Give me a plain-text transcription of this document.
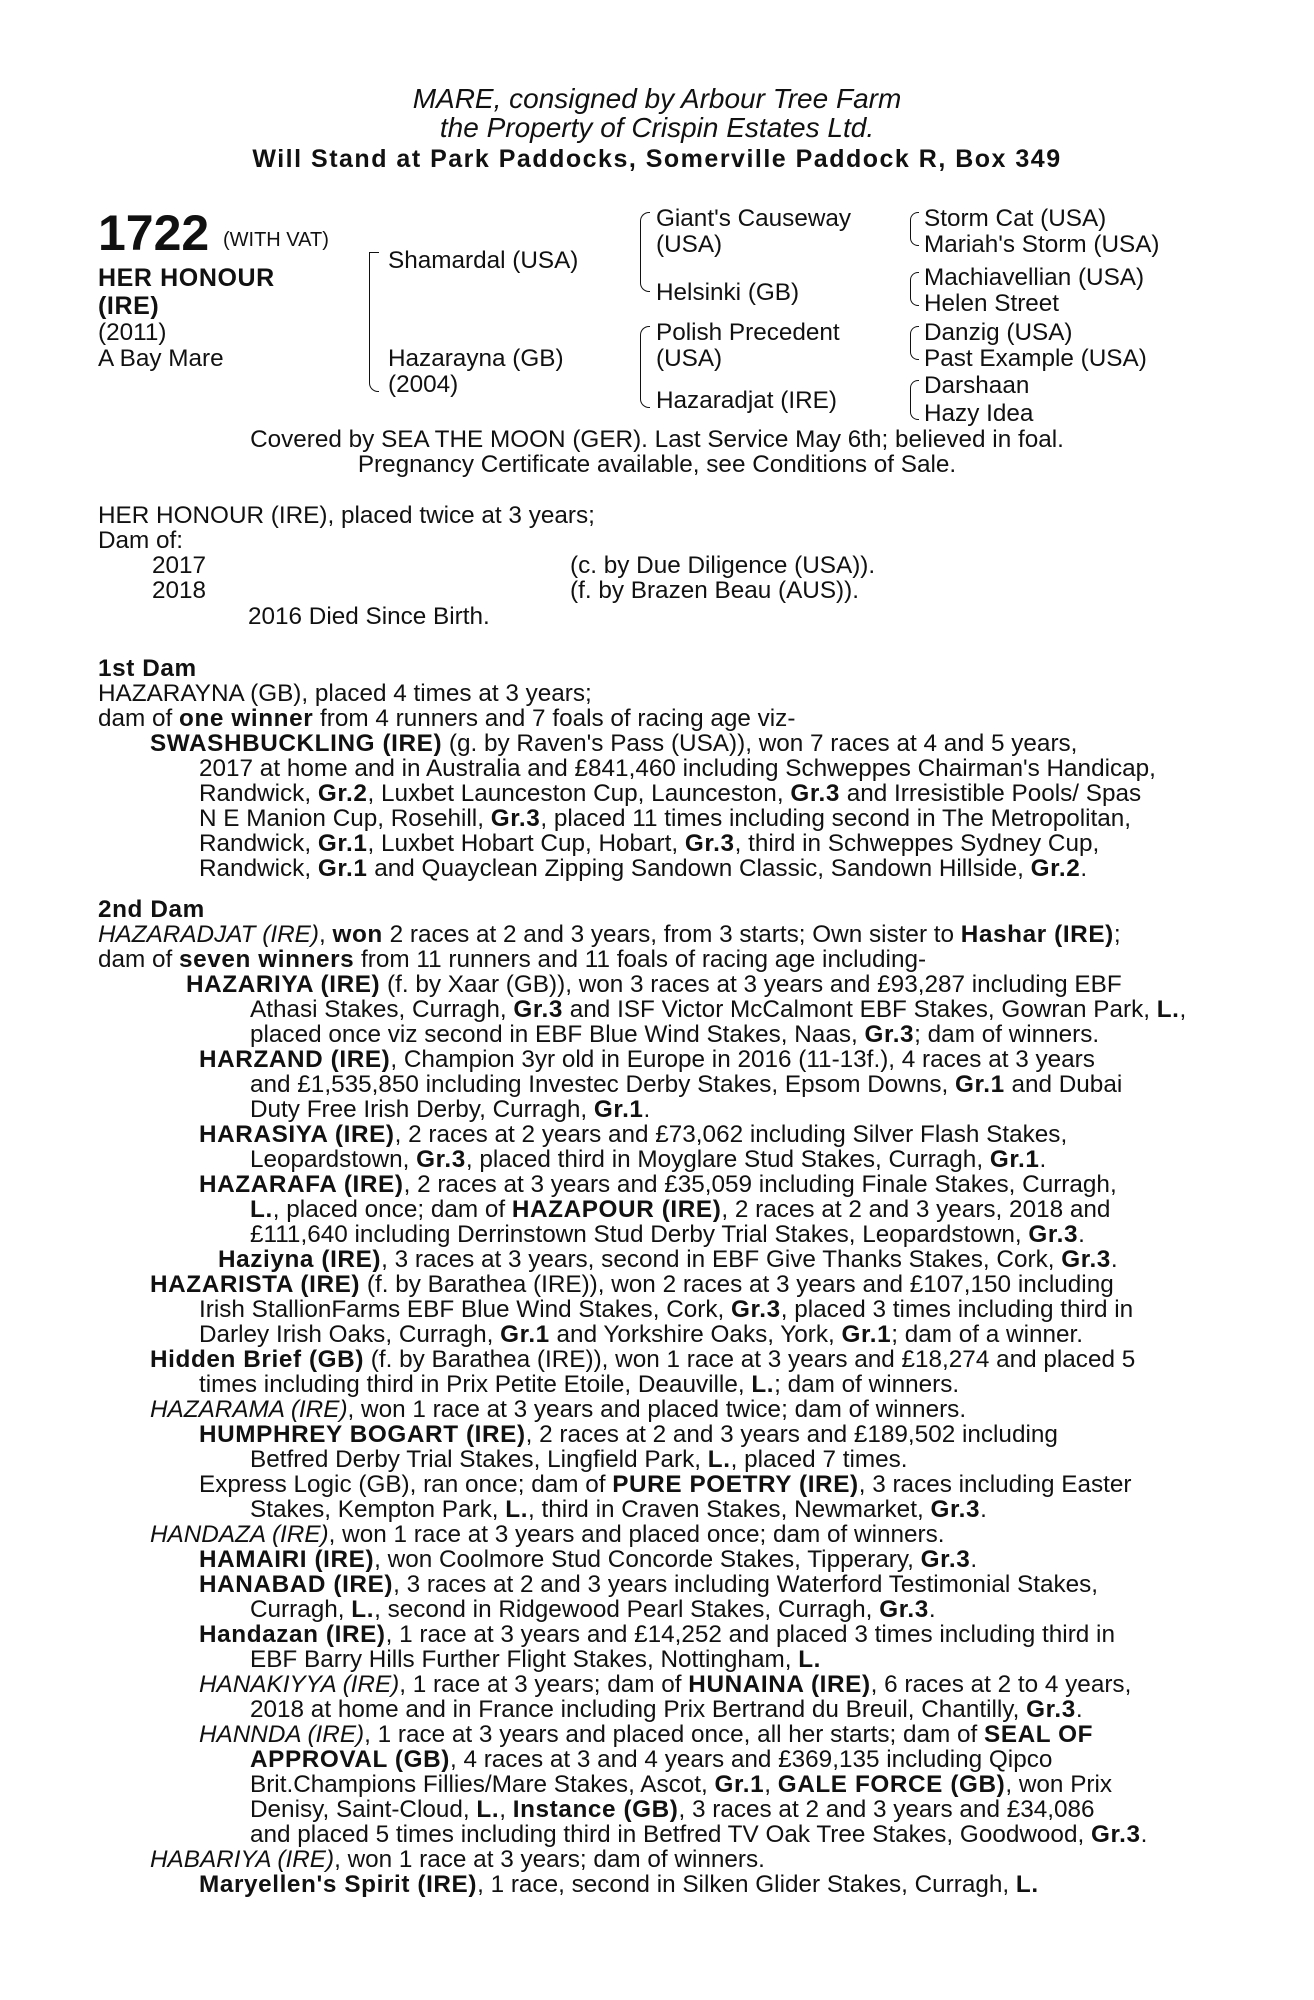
MARE, consigned by Arbour Tree Farm
the Property of Crispin Estates Ltd.
Will Stand at Park Paddocks, Somerville Paddock R, Box 349
1722 (WITH VAT)
HER HONOUR
(IRE)
(2011)
A Bay Mare
Shamardal (USA)
Hazarayna (GB)
(2004)
Giant's Causeway
(USA)
Helsinki (GB)
Polish Precedent
(USA)
Hazaradjat (IRE)
Storm Cat (USA)
Mariah's Storm (USA)
Machiavellian (USA)
Helen Street
Danzig (USA)
Past Example (USA)
Darshaan
Hazy Idea
Covered by SEA THE MOON (GER). Last Service May 6th; believed in foal.
Pregnancy Certificate available, see Conditions of Sale.
HER HONOUR (IRE), placed twice at 3 years;
Dam of:
2017	(c. by Due Diligence (USA)).
2018	(f. by Brazen Beau (AUS)).
2016 Died Since Birth.
1st Dam
HAZARAYNA (GB), placed 4 times at 3 years;
dam of one winner from 4 runners and 7 foals of racing age viz-
SWASHBUCKLING (IRE) (g. by Raven's Pass (USA)), won 7 races at 4 and 5 years,
2017 at home and in Australia and £841,460 including Schweppes Chairman's Handicap,
Randwick, Gr.2, Luxbet Launceston Cup, Launceston, Gr.3 and Irresistible Pools/ Spas
N E Manion Cup, Rosehill, Gr.3, placed 11 times including second in The Metropolitan,
Randwick, Gr.1, Luxbet Hobart Cup, Hobart, Gr.3, third in Schweppes Sydney Cup,
Randwick, Gr.1 and Quayclean Zipping Sandown Classic, Sandown Hillside, Gr.2.
2nd Dam
HAZARADJAT (IRE), won 2 races at 2 and 3 years, from 3 starts; Own sister to Hashar (IRE);
dam of seven winners from 11 runners and 11 foals of racing age including-
HAZARIYA (IRE) (f. by Xaar (GB)), won 3 races at 3 years and £93,287 including EBF
Athasi Stakes, Curragh, Gr.3 and ISF Victor McCalmont EBF Stakes, Gowran Park, L.,
placed once viz second in EBF Blue Wind Stakes, Naas, Gr.3; dam of winners.
HARZAND (IRE), Champion 3yr old in Europe in 2016 (11-13f.), 4 races at 3 years
and £1,535,850 including Investec Derby Stakes, Epsom Downs, Gr.1 and Dubai
Duty Free Irish Derby, Curragh, Gr.1.
HARASIYA (IRE), 2 races at 2 years and £73,062 including Silver Flash Stakes,
Leopardstown, Gr.3, placed third in Moyglare Stud Stakes, Curragh, Gr.1.
HAZARAFA (IRE), 2 races at 3 years and £35,059 including Finale Stakes, Curragh,
L., placed once; dam of HAZAPOUR (IRE), 2 races at 2 and 3 years, 2018 and
£111,640 including Derrinstown Stud Derby Trial Stakes, Leopardstown, Gr.3.
Haziyna (IRE), 3 races at 3 years, second in EBF Give Thanks Stakes, Cork, Gr.3.
HAZARISTA (IRE) (f. by Barathea (IRE)), won 2 races at 3 years and £107,150 including
Irish StallionFarms EBF Blue Wind Stakes, Cork, Gr.3, placed 3 times including third in
Darley Irish Oaks, Curragh, Gr.1 and Yorkshire Oaks, York, Gr.1; dam of a winner.
Hidden Brief (GB) (f. by Barathea (IRE)), won 1 race at 3 years and £18,274 and placed 5
times including third in Prix Petite Etoile, Deauville, L.; dam of winners.
HAZARAMA (IRE), won 1 race at 3 years and placed twice; dam of winners.
HUMPHREY BOGART (IRE), 2 races at 2 and 3 years and £189,502 including
Betfred Derby Trial Stakes, Lingfield Park, L., placed 7 times.
Express Logic (GB), ran once; dam of PURE POETRY (IRE), 3 races including Easter
Stakes, Kempton Park, L., third in Craven Stakes, Newmarket, Gr.3.
HANDAZA (IRE), won 1 race at 3 years and placed once; dam of winners.
HAMAIRI (IRE), won Coolmore Stud Concorde Stakes, Tipperary, Gr.3.
HANABAD (IRE), 3 races at 2 and 3 years including Waterford Testimonial Stakes,
Curragh, L., second in Ridgewood Pearl Stakes, Curragh, Gr.3.
Handazan (IRE), 1 race at 3 years and £14,252 and placed 3 times including third in
EBF Barry Hills Further Flight Stakes, Nottingham, L.
HANAKIYYA (IRE), 1 race at 3 years; dam of HUNAINA (IRE), 6 races at 2 to 4 years,
2018 at home and in France including Prix Bertrand du Breuil, Chantilly, Gr.3.
HANNDA (IRE), 1 race at 3 years and placed once, all her starts; dam of SEAL OF
APPROVAL (GB), 4 races at 3 and 4 years and £369,135 including Qipco
Brit.Champions Fillies/Mare Stakes, Ascot, Gr.1, GALE FORCE (GB), won Prix
Denisy, Saint-Cloud, L., Instance (GB), 3 races at 2 and 3 years and £34,086
and placed 5 times including third in Betfred TV Oak Tree Stakes, Goodwood, Gr.3.
HABARIYA (IRE), won 1 race at 3 years; dam of winners.
Maryellen's Spirit (IRE), 1 race, second in Silken Glider Stakes, Curragh, L.
